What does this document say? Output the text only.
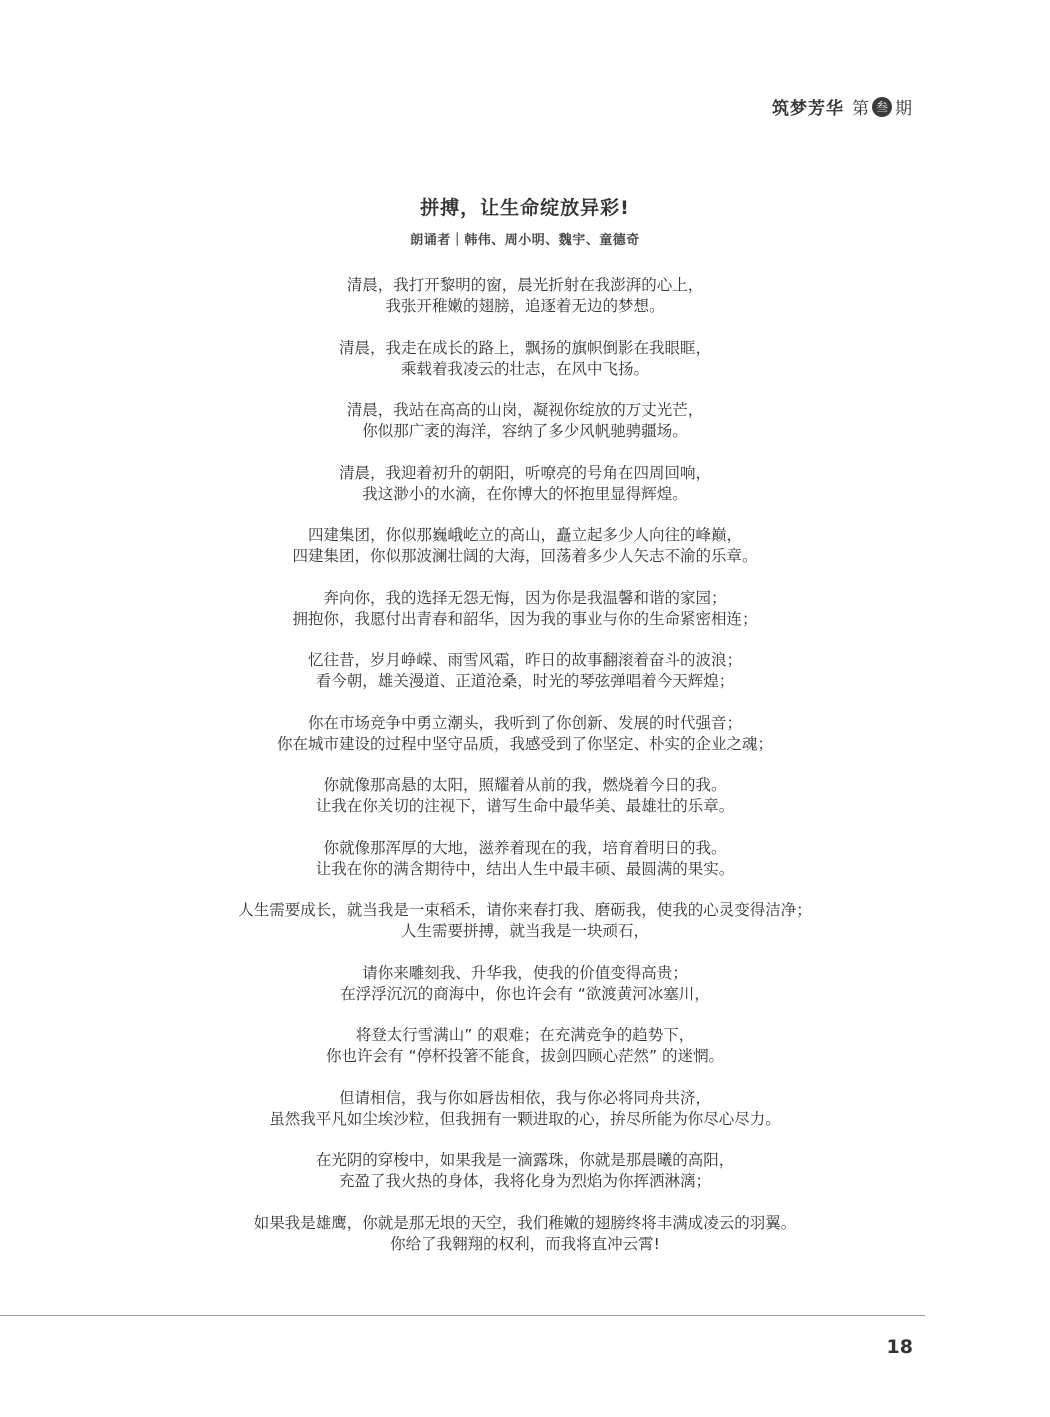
筑梦芳华 第 叁 期
拼搏，让生命绽放异彩!
朗诵者｜韩伟、周小明、魏宇、童德奇
清晨，我打开黎明的窗，晨光折射在我澎湃的心上，
我张开稚嫩的翅膀，追逐着无边的梦想。
清晨，我走在成长的路上，飘扬的旗帜倒影在我眼眶，
乘载着我凌云的壮志，在风中飞扬。
清晨，我站在高高的山岗，凝视你绽放的万丈光芒，
你似那广袤的海洋，容纳了多少风帆驰骋疆场。
清晨，我迎着初升的朝阳，听嘹亮的号角在四周回响，
我这渺小的水滴，在你博大的怀抱里显得辉煌。
四建集团，你似那巍峨屹立的高山，矗立起多少人向往的峰巅，
四建集团，你似那波澜壮阔的大海，回荡着多少人矢志不渝的乐章。
奔向你，我的选择无怨无悔，因为你是我温馨和谐的家园；
拥抱你，我愿付出青春和韶华，因为我的事业与你的生命紧密相连；
忆往昔，岁月峥嵘、雨雪风霜，昨日的故事翻滚着奋斗的波浪；
看今朝，雄关漫道、正道沧桑，时光的琴弦弹唱着今天辉煌；
你在市场竞争中勇立潮头，我听到了你创新、发展的时代强音；
你在城市建设的过程中坚守品质，我感受到了你坚定、朴实的企业之魂；
你就像那高悬的太阳，照耀着从前的我，燃烧着今日的我。
让我在你关切的注视下，谱写生命中最华美、最雄壮的乐章。
你就像那浑厚的大地，滋养着现在的我，培育着明日的我。
让我在你的满含期待中，结出人生中最丰硕、最圆满的果实。
人生需要成长，就当我是一束稻禾，请你来春打我、磨砺我，使我的心灵变得洁净；
人生需要拼搏，就当我是一块顽石，
请你来雕刻我、升华我，使我的价值变得高贵；
在浮浮沉沉的商海中，你也许会有 “欲渡黄河冰塞川，
将登太行雪满山” 的艰难；在充满竞争的趋势下，
你也许会有 “停杯投箸不能食，拔剑四顾心茫然” 的迷惘。
但请相信，我与你如唇齿相依，我与你必将同舟共济，
虽然我平凡如尘埃沙粒，但我拥有一颗进取的心，拚尽所能为你尽心尽力。
在光阴的穿梭中，如果我是一滴露珠，你就是那晨曦的高阳，
充盈了我火热的身体，我将化身为烈焰为你挥洒淋漓；
如果我是雄鹰，你就是那无垠的天空，我们稚嫩的翅膀终将丰满成凌云的羽翼。
你给了我翱翔的权利，而我将直冲云霄!
18
